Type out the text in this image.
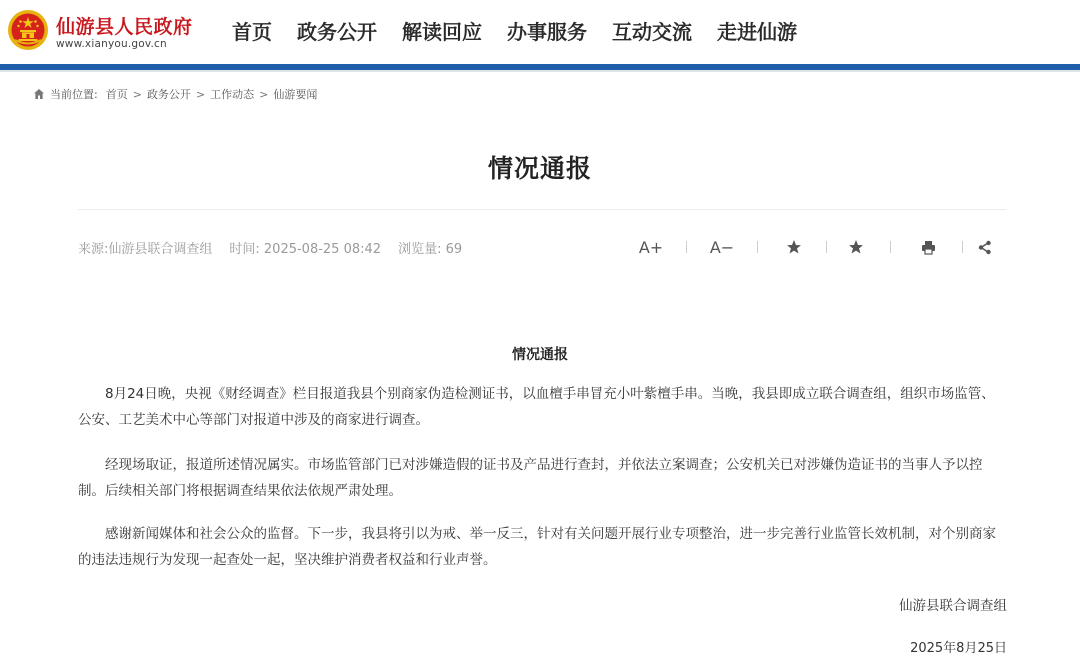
仙游县人民政府
www.xianyou.gov.cn	首页 政务公开 解读回应 办事服务 互动交流 走进仙游
当前位置: 首页 > 政务公开 > 工作动态 > 仙游要闻
情况通报
来源:仙游县联合调查组 时间: 2025-08-25 08:42 浏览量: 69	A+	A−
情况通报

8月24日晚，央视《财经调查》栏目报道我县个别商家伪造检测证书，以血檀手串冒充小叶紫檀手串。当晚，我县即成立联合调查组，组织市场监管、公安、工艺美术中心等部门对报道中涉及的商家进行调查。

经现场取证，报道所述情况属实。市场监管部门已对涉嫌造假的证书及产品进行查封，并依法立案调查；公安机关已对涉嫌伪造证书的当事人予以控制。后续相关部门将根据调查结果依法依规严肃处理。

感谢新闻媒体和社会公众的监督。下一步，我县将引以为戒、举一反三，针对有关问题开展行业专项整治，进一步完善行业监管长效机制，对个别商家的违法违规行为发现一起查处一起，坚决维护消费者权益和行业声誉。

仙游县联合调查组
2025年8月25日
